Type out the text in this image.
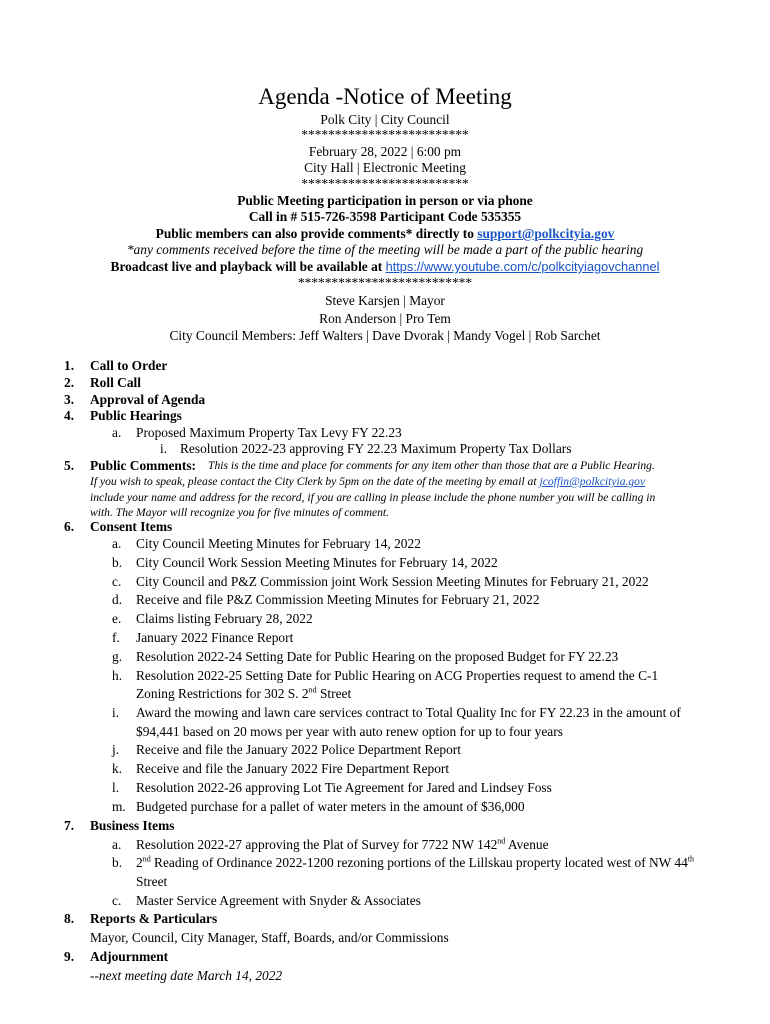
Agenda -Notice of Meeting
Polk City | City Council
*************************
February 28, 2022 | 6:00 pm
City Hall | Electronic Meeting
*************************
Public Meeting participation in person or via phone
Call in # 515-726-3598 Participant Code 535355
Public members can also provide comments* directly to support@polkcityia.gov
*any comments received before the time of the meeting will be made a part of the public hearing
Broadcast live and playback will be available at https://www.youtube.com/c/polkcityiagovchannel
**************************
Steve Karsjen | Mayor
Ron Anderson | Pro Tem
City Council Members: Jeff Walters | Dave Dvorak | Mandy Vogel | Rob Sarchet
1.	Call to Order
2.	Roll Call
3.	Approval of Agenda
4.	Public Hearings
a.	Proposed Maximum Property Tax Levy FY 22.23
i. Resolution 2022-23 approving FY 22.23 Maximum Property Tax Dollars
5.	Public Comments: This is the time and place for comments for any item other than those that are a Public Hearing.
If you wish to speak, please contact the City Clerk by 5pm on the date of the meeting by email at jcoffin@polkcityia.gov
include your name and address for the record, if you are calling in please include the phone number you will be calling in
with. The Mayor will recognize you for five minutes of comment.
6.	Consent Items
a.	City Council Meeting Minutes for February 14, 2022
b.	City Council Work Session Meeting Minutes for February 14, 2022
c.	City Council and P&Z Commission joint Work Session Meeting Minutes for February 21, 2022
d.	Receive and file P&Z Commission Meeting Minutes for February 21, 2022
e.	Claims listing February 28, 2022
f.	January 2022 Finance Report
g.	Resolution 2022-24 Setting Date for Public Hearing on the proposed Budget for FY 22.23
h.	Resolution 2022-25 Setting Date for Public Hearing on ACG Properties request to amend the C-1
Zoning Restrictions for 302 S. 2nd Street
i.	Award the mowing and lawn care services contract to Total Quality Inc for FY 22.23 in the amount of
$94,441 based on 20 mows per year with auto renew option for up to four years
j.	Receive and file the January 2022 Police Department Report
k.	Receive and file the January 2022 Fire Department Report
l.	Resolution 2022-26 approving Lot Tie Agreement for Jared and Lindsey Foss
m. Budgeted purchase for a pallet of water meters in the amount of $36,000
7.	Business Items
a.	Resolution 2022-27 approving the Plat of Survey for 7722 NW 142nd Avenue
b.	2nd Reading of Ordinance 2022-1200 rezoning portions of the Lillskau property located west of NW 44th
Street
c.	Master Service Agreement with Snyder & Associates
8.	Reports & Particulars
Mayor, Council, City Manager, Staff, Boards, and/or Commissions
9.	Adjournment
--next meeting date March 14, 2022
